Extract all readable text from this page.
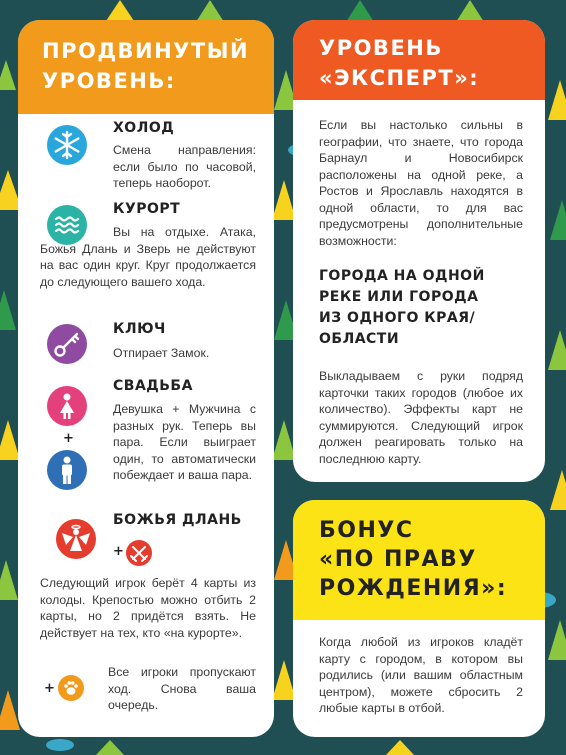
ПРОДВИНУТЫЙ
УРОВЕНЬ:
ХОЛОД
Смена направления: если было по часовой, теперь наоборот.
КУРОРТ
Вы на отдыхе. Атака, Божья Длань и Зверь не действуют на вас один круг. Круг продолжается до следующего вашего хода.
КЛЮЧ
Отпирает Замок.
+
СВАДЬБА
Девушка + Мужчина с разных рук. Теперь вы пара. Если выиграет один, то автоматически побеждает и ваша пара.
+
БОЖЬЯ ДЛАНЬ
Следующий игрок берёт 4 карты из колоды. Крепостью можно отбить 2 карты, но 2 придётся взять. Не действует на тех, кто «на курорте».
+
Все игроки пропускают ход. Снова ваша очередь.
УРОВЕНЬ
«ЭКСПЕРТ»:
Если вы настолько сильны в географии, что знаете, что города Барнаул и Новосибирск расположены на одной реке, а Ростов и Ярославль находятся в одной области, то для вас предусмотрены дополнительные возможности:
ГОРОДА НА ОДНОЙ РЕКЕ ИЛИ ГОРОДА ИЗ ОДНОГО КРАЯ/ ОБЛАСТИ
Выкладываем с руки подряд карточки таких городов (любое их количество). Эффекты карт не суммируются. Следующий игрок должен реагировать только на последнюю карту.
БОНУС
«ПО ПРАВУ
РОЖДЕНИЯ»:
Когда любой из игроков кладёт карту с городом, в котором вы родились (или вашим областным центром), можете сбросить 2 любые карты в отбой.
